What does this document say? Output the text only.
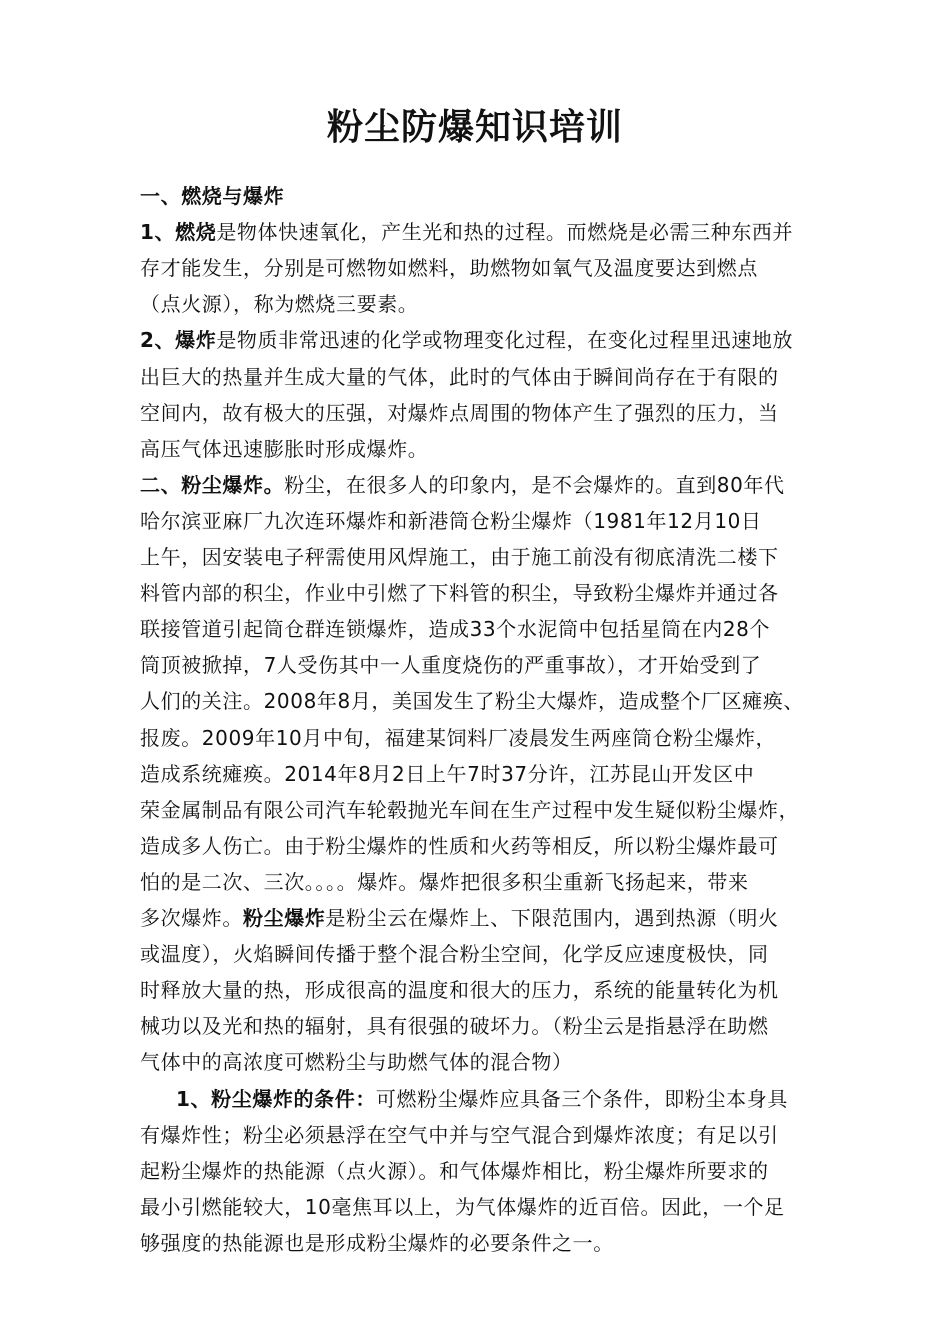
粉尘防爆知识培训
一、燃烧与爆炸
1、燃烧是物体快速氧化，产生光和热的过程。而燃烧是必需三种东西并
存才能发生，分别是可燃物如燃料，助燃物如氧气及温度要达到燃点
（点火源），称为燃烧三要素。
2、爆炸是物质非常迅速的化学或物理变化过程，在变化过程里迅速地放
出巨大的热量并生成大量的气体，此时的气体由于瞬间尚存在于有限的
空间内，故有极大的压强，对爆炸点周围的物体产生了强烈的压力，当
高压气体迅速膨胀时形成爆炸。
二、粉尘爆炸。粉尘，在很多人的印象内，是不会爆炸的。直到80年代
哈尔滨亚麻厂九次连环爆炸和新港筒仓粉尘爆炸（1981年12月10日
上午，因安装电子秤需使用风焊施工，由于施工前没有彻底清洗二楼下
料管内部的积尘，作业中引燃了下料管的积尘，导致粉尘爆炸并通过各
联接管道引起筒仓群连锁爆炸，造成33个水泥筒中包括星筒在内28个
筒顶被掀掉，7人受伤其中一人重度烧伤的严重事故），才开始受到了
人们的关注。2008年8月，美国发生了粉尘大爆炸，造成整个厂区瘫痪、
报废。2009年10月中旬，福建某饲料厂凌晨发生两座筒仓粉尘爆炸，
造成系统瘫痪。2014年8月2日上午7时37分许，江苏昆山开发区中
荣金属制品有限公司汽车轮毂抛光车间在生产过程中发生疑似粉尘爆炸，
造成多人伤亡。由于粉尘爆炸的性质和火药等相反，所以粉尘爆炸最可
怕的是二次、三次。。。。爆炸。爆炸把很多积尘重新飞扬起来，带来
多次爆炸。粉尘爆炸是粉尘云在爆炸上、下限范围内，遇到热源（明火
或温度），火焰瞬间传播于整个混合粉尘空间，化学反应速度极快，同
时释放大量的热，形成很高的温度和很大的压力，系统的能量转化为机
械功以及光和热的辐射，具有很强的破坏力。（粉尘云是指悬浮在助燃
气体中的高浓度可燃粉尘与助燃气体的混合物）
1、粉尘爆炸的条件：可燃粉尘爆炸应具备三个条件，即粉尘本身具
有爆炸性；粉尘必须悬浮在空气中并与空气混合到爆炸浓度；有足以引
起粉尘爆炸的热能源（点火源）。和气体爆炸相比，粉尘爆炸所要求的
最小引燃能较大，10毫焦耳以上，为气体爆炸的近百倍。因此，一个足
够强度的热能源也是形成粉尘爆炸的必要条件之一。
